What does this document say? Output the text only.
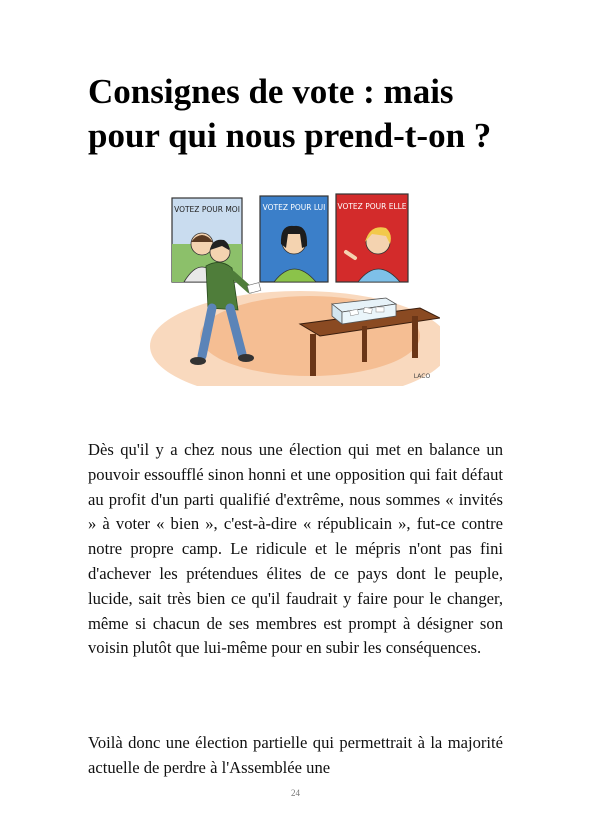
Consignes de vote : mais pour qui nous prend-t-on ?
VOTEZ POUR MOI	VOTEZ POUR LUI VOTEZ POUR ELLE
LACO

Dès qu'il y a chez nous une élection qui met en balance un pouvoir essoufflé sinon honni et une opposition qui fait défaut au profit d'un parti qualifié d'extrême, nous sommes « invités » à voter « bien », c'est-à-dire « républicain », fut-ce contre notre propre camp. Le ridicule et le mépris n'ont pas fini d'achever les prétendues élites de ce pays dont le peuple, lucide, sait très bien ce qu'il faudrait y faire pour le changer, même si chacun de ses membres est prompt à désigner son voisin plutôt que lui-même pour en subir les conséquences.

Voilà donc une élection partielle qui permettrait à la majorité actuelle de perdre à l'Assemblée une

24
